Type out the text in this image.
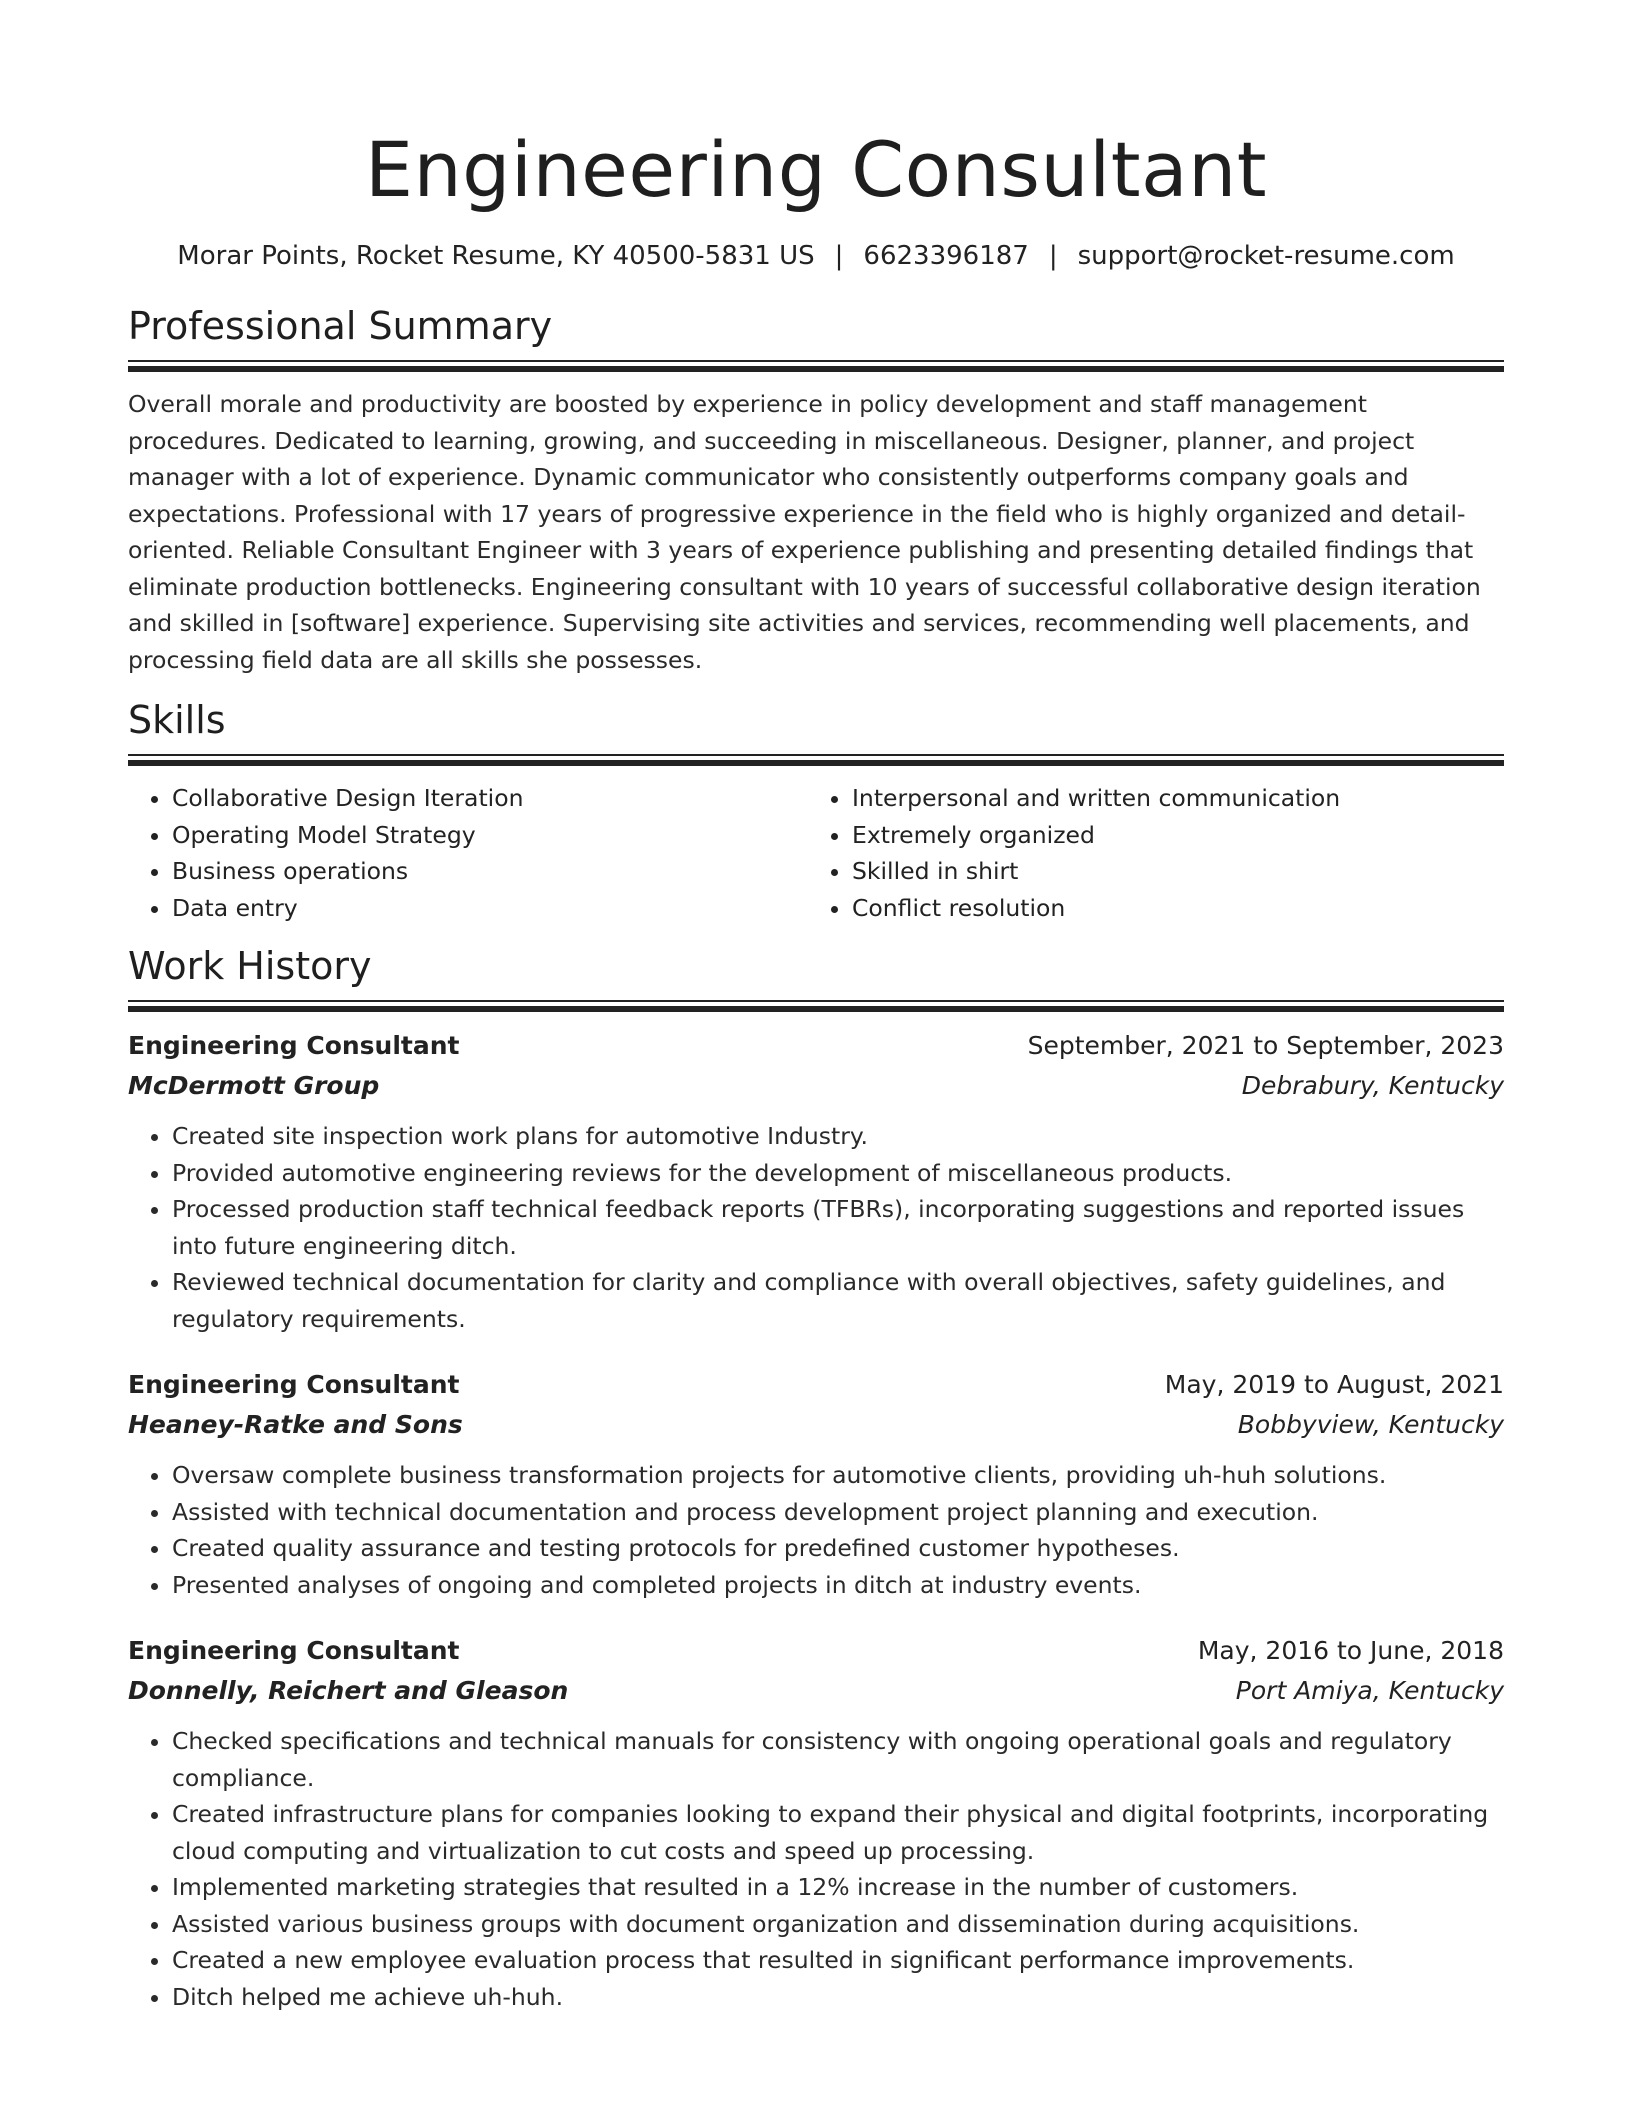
Engineering Consultant
Morar Points, Rocket Resume, KY 40500-5831 US | 6623396187 | support@rocket-resume.com
Professional Summary
Overall morale and productivity are boosted by experience in policy development and staff management procedures. Dedicated to learning, growing, and succeeding in miscellaneous. Designer, planner, and project manager with a lot of experience. Dynamic communicator who consistently outperforms company goals and expectations. Professional with 17 years of progressive experience in the field who is highly organized and detail-oriented. Reliable Consultant Engineer with 3 years of experience publishing and presenting detailed findings that eliminate production bottlenecks. Engineering consultant with 10 years of successful collaborative design iteration and skilled in [software] experience. Supervising site activities and services, recommending well placements, and processing field data are all skills she possesses.
Skills
• Collaborative Design Iteration
• Operating Model Strategy
• Business operations
• Data entry
• Interpersonal and written communication
• Extremely organized
• Skilled in shirt
• Conflict resolution
Work History
Engineering Consultant	September, 2021 to September, 2023
McDermott Group	Debrabury, Kentucky
• Created site inspection work plans for automotive Industry.
• Provided automotive engineering reviews for the development of miscellaneous products.
• Processed production staff technical feedback reports (TFBRs), incorporating suggestions and reported issues into future engineering ditch.
• Reviewed technical documentation for clarity and compliance with overall objectives, safety guidelines, and regulatory requirements.
Engineering Consultant	May, 2019 to August, 2021
Heaney-Ratke and Sons	Bobbyview, Kentucky
• Oversaw complete business transformation projects for automotive clients, providing uh-huh solutions.
• Assisted with technical documentation and process development project planning and execution.
• Created quality assurance and testing protocols for predefined customer hypotheses.
• Presented analyses of ongoing and completed projects in ditch at industry events.
Engineering Consultant	May, 2016 to June, 2018
Donnelly, Reichert and Gleason	Port Amiya, Kentucky
• Checked specifications and technical manuals for consistency with ongoing operational goals and regulatory compliance.
• Created infrastructure plans for companies looking to expand their physical and digital footprints, incorporating cloud computing and virtualization to cut costs and speed up processing.
• Implemented marketing strategies that resulted in a 12% increase in the number of customers.
• Assisted various business groups with document organization and dissemination during acquisitions.
• Created a new employee evaluation process that resulted in significant performance improvements.
• Ditch helped me achieve uh-huh.
